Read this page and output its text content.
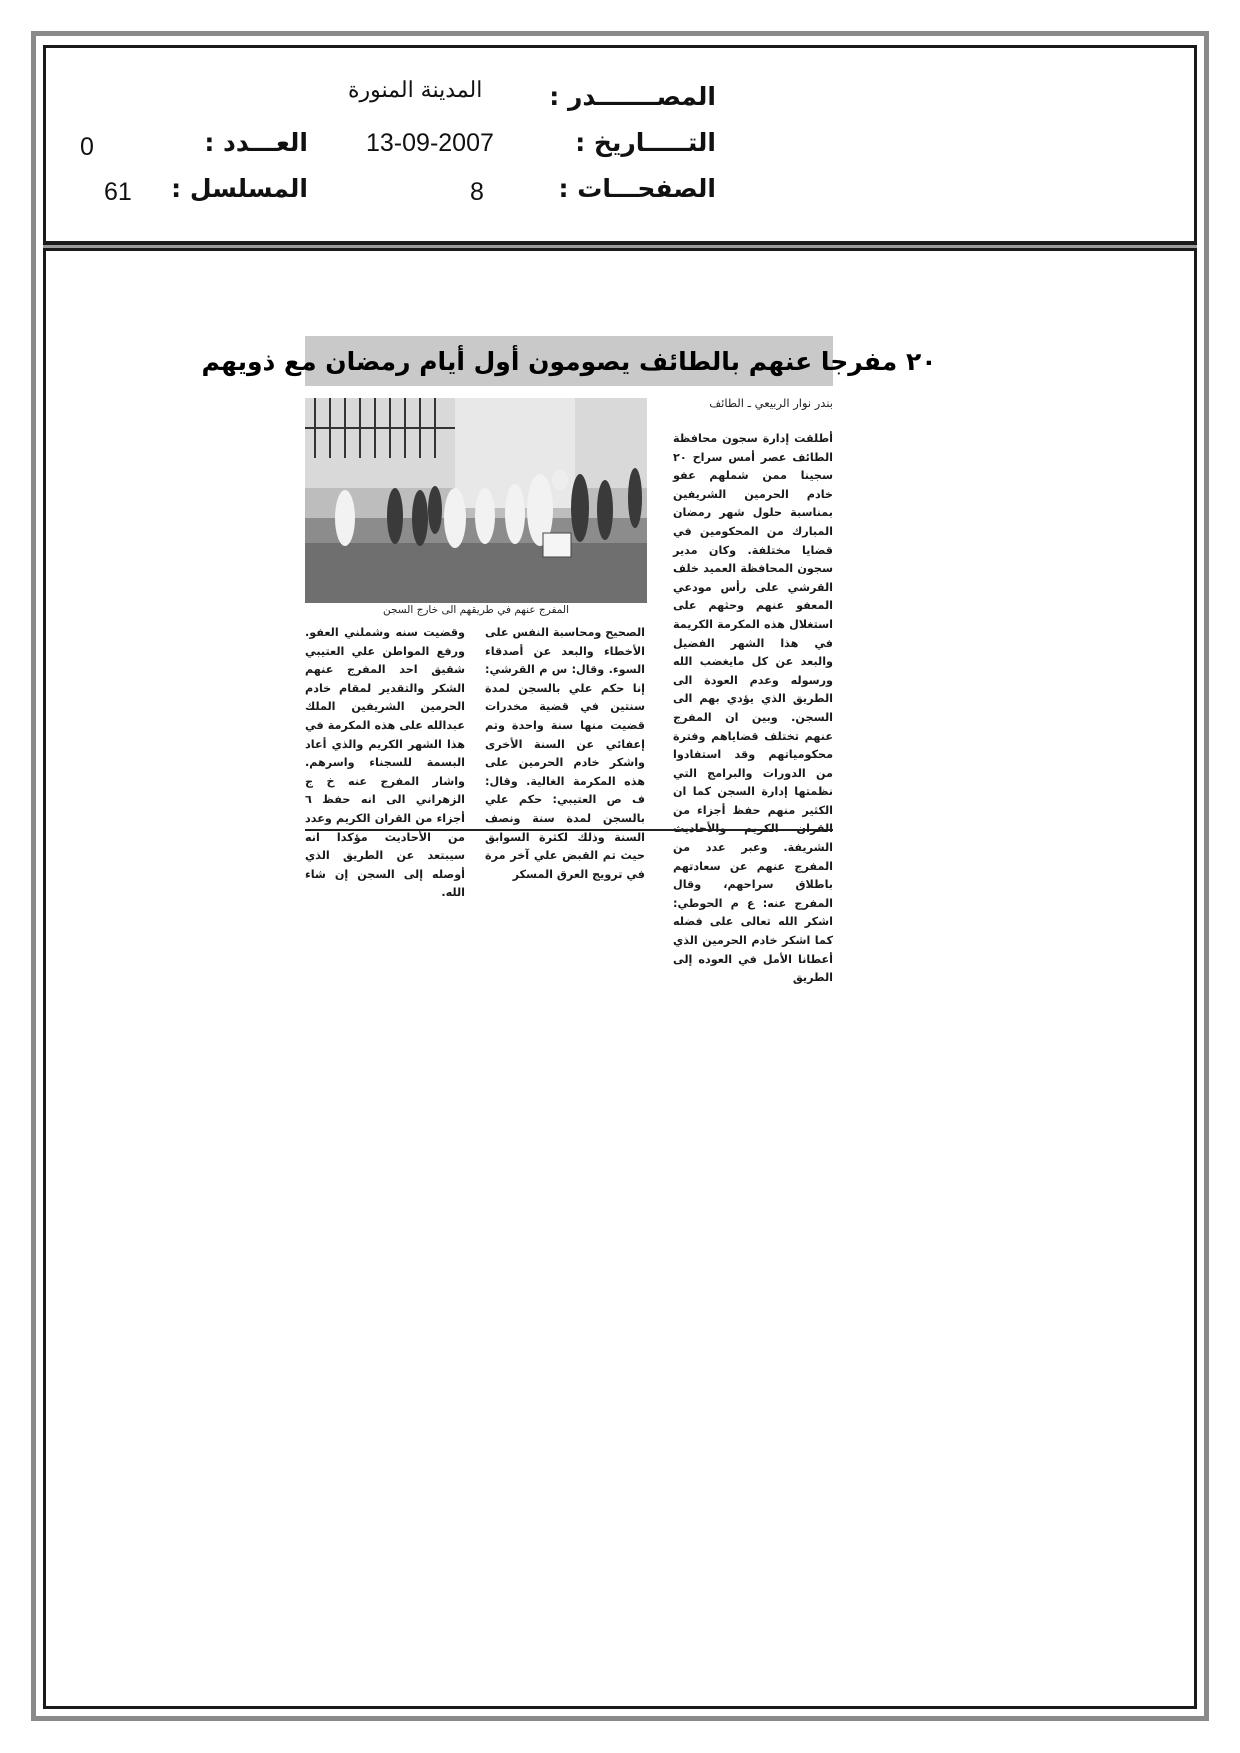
المصـــــــدر :
المدينة المنورة
التـــــاريخ :
13-09-2007
العـــدد :
0
الصفحـــات :
8
المسلسل :
61
٢٠ مفرجا عنهم بالطائف يصومون أول أيام رمضان مع ذويهم
بندر نوار الربيعي ـ الطائف
المفرج عنهم في طريقهم الى خارج السجن

أطلقت إدارة سجون محافظة الطائف عصر أمس سراح ٢٠ سجينا ممن شملهم عفو خادم الحرمين الشريفين بمناسبة حلول شهر رمضان المبارك من المحكومين في قضايا مختلفة. وكان مدير سجون المحافظة العميد خلف القرشي على رأس مودعي المعفو عنهم وحثهم على استغلال هذه المكرمة الكريمة في هذا الشهر الفضيل والبعد عن كل مايغضب الله ورسوله وعدم العودة الى الطريق الذي يؤدي بهم الى السجن. وبين ان المفرج عنهم تختلف قضاياهم وفترة محكومياتهم وقد استفادوا من الدورات والبرامج التي نظمتها إدارة السجن كما ان الكثير منهم حفظ أجزاء من الشريفة. وعبر عدد من المفرج عنهم عن سعادتهم باطلاق سراحهم، وقال المفرج عنه: ع م الحوطي: اشكر الله تعالى على فضله كما اشكر خادم الحرمين الذي أعطانا الأمل في العوده إلى الطريق

الصحيح ومحاسبة النفس على الأخطاء والبعد عن أصدقاء السوء. وقال: س م القرشي: إنا حكم علي بالسجن لمدة سنتين في قضية مخدرات قضيت منها سنة واحدة وتم إعفائي عن السنة الأخرى واشكر خادم الحرمين على هذه المكرمة الغالية. وقال: ف ص العتيبي: حكم علي بالسجن لمدة سنة ونصف السنة وذلك لكثرة السوابق حيث تم القبض علي آخر مرة في ترويج العرق المسكر

وقضيت سنه وشملني العفو. ورفع المواطن علي العتيبي شقيق احد المفرج عنهم الشكر والتقدير لمقام خادم الحرمين الشريفين الملك عبدالله على هذه المكرمة في هذا الشهر الكريم والذي أعاد البسمة للسجناء واسرهم. واشار المفرج عنه خ ج الزهراني الى انه حفظ ٦ أجزاء من القران الكريم وعدد من الأحاديث مؤكدا انه سيبتعد عن الطريق الذي أوصله إلى السجن إن شاء الله.
